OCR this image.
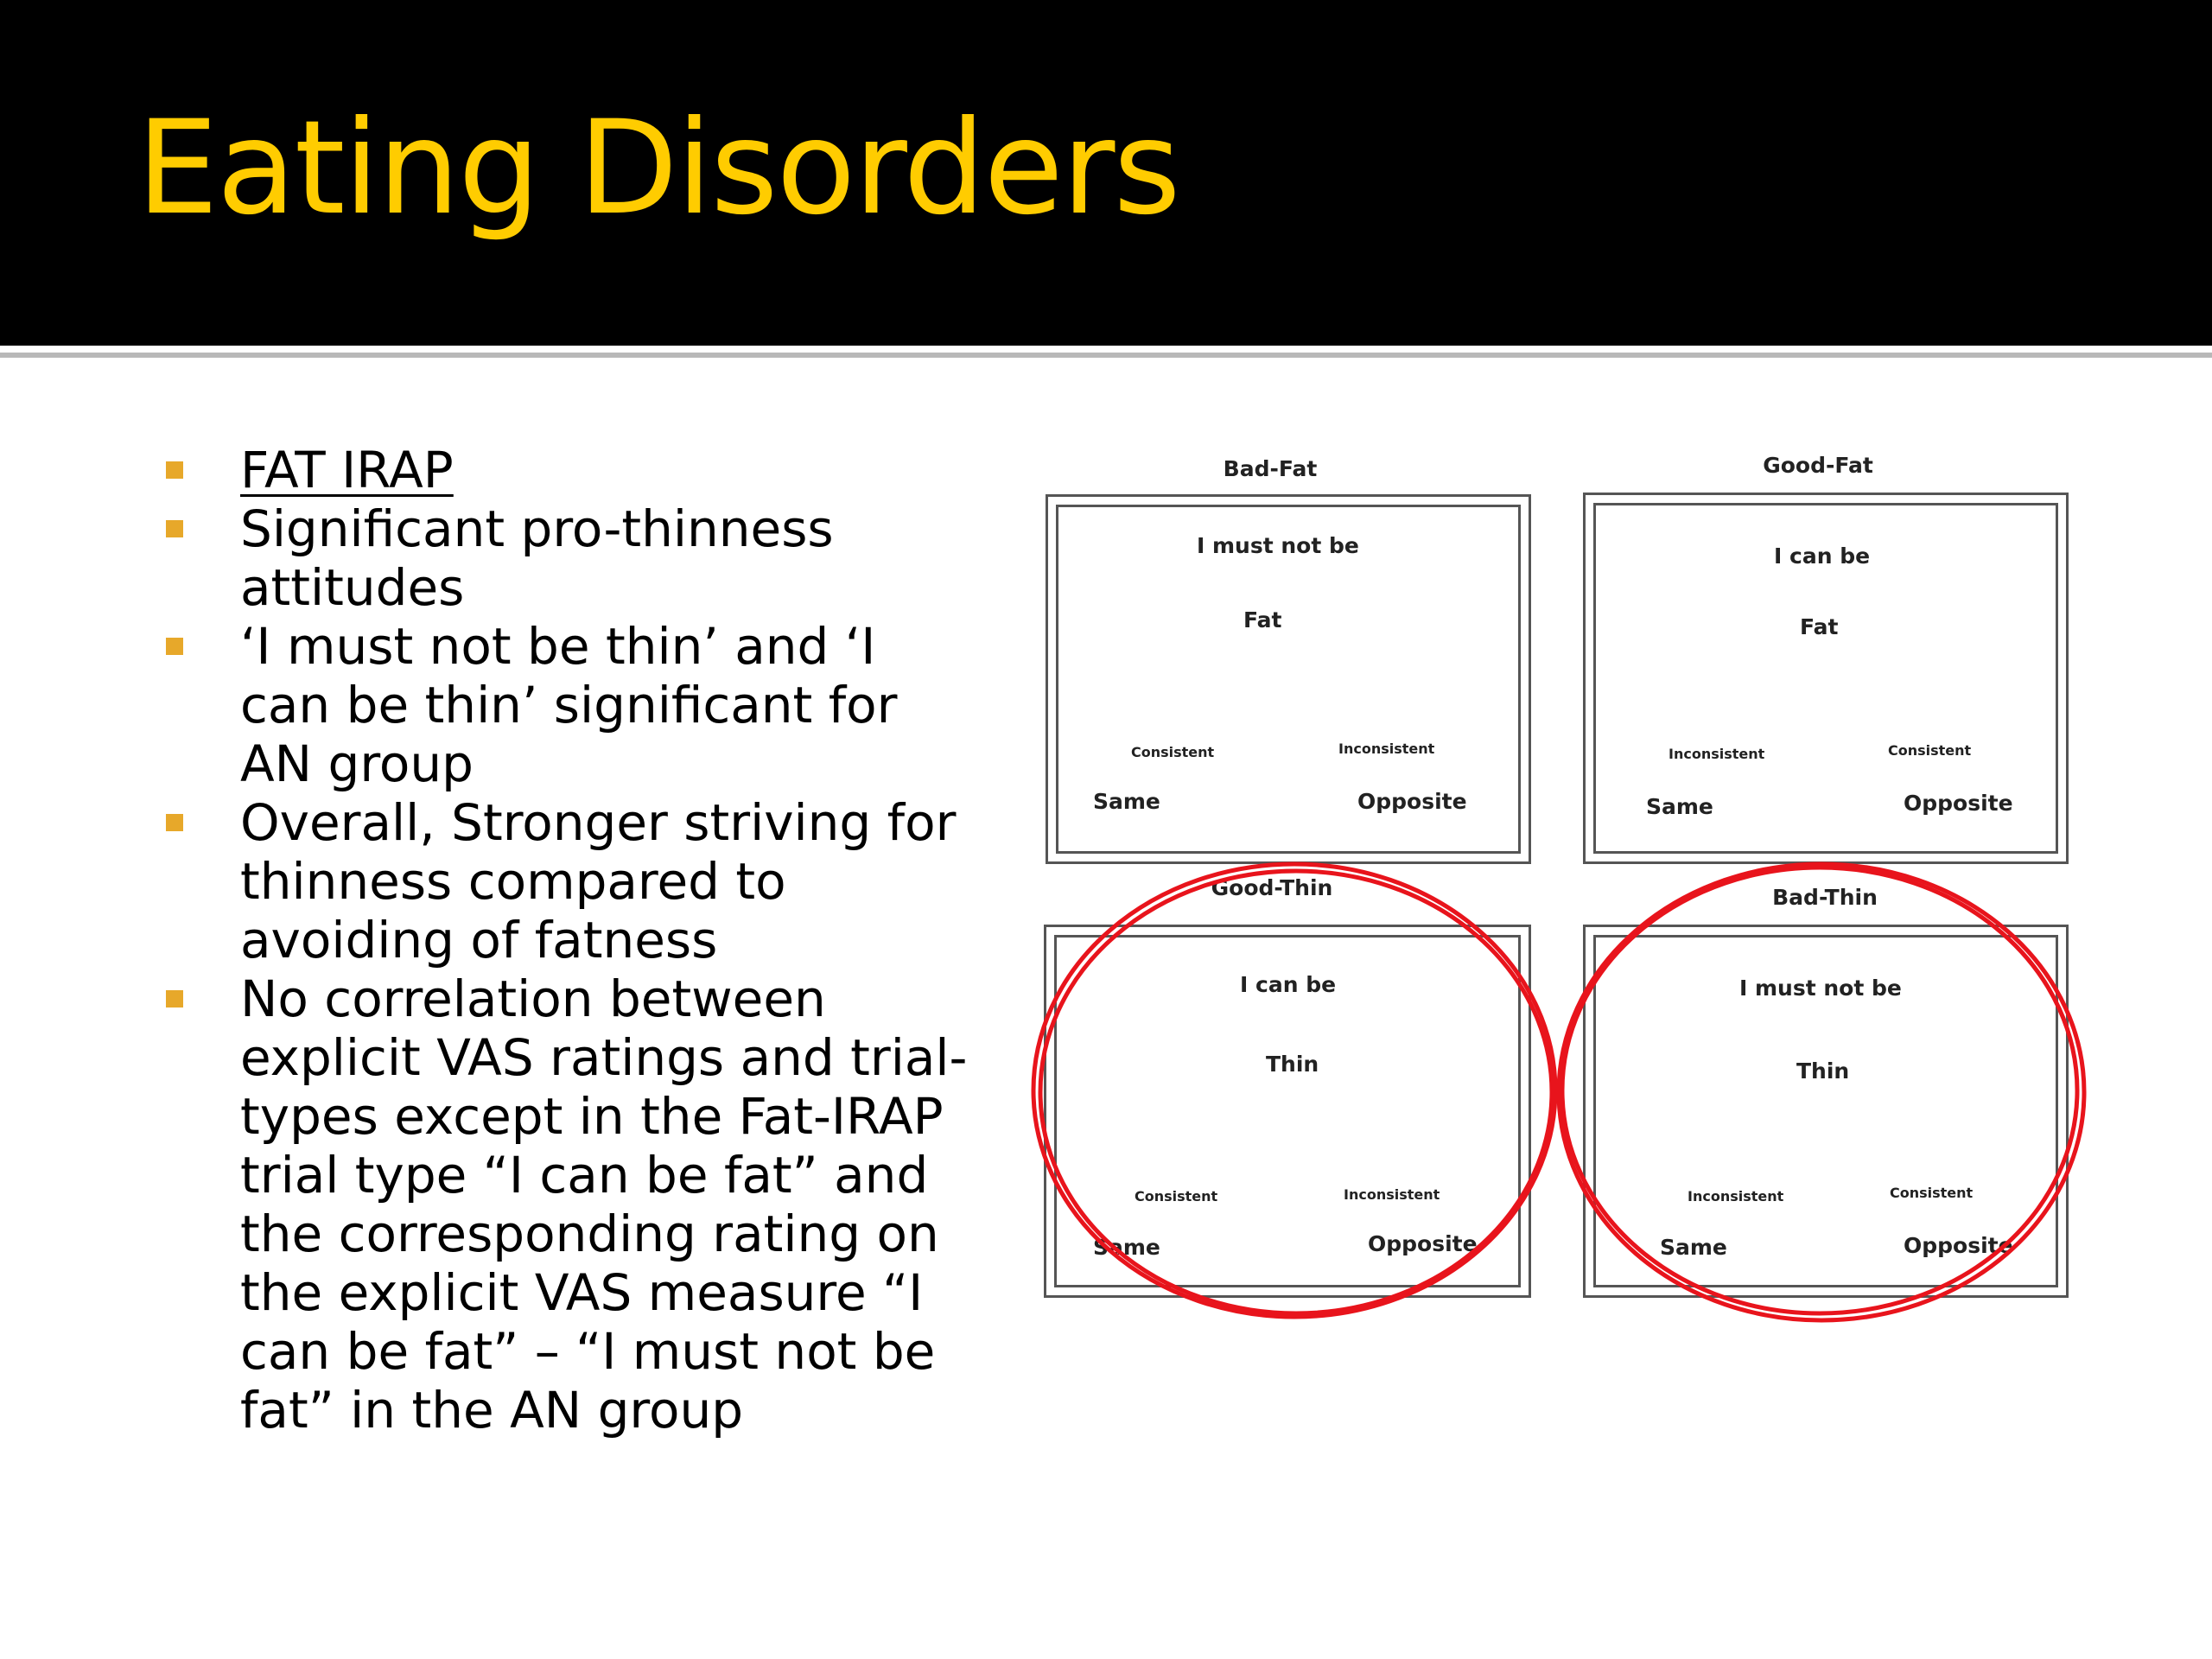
Eating Disorders
FAT IRAP
Significant pro-thinness attitudes
‘I must not be thin’ and ‘I can be thin’ significant for AN group
Overall, Stronger striving for thinness compared to avoiding of fatness
No correlation between explicit VAS ratings and trial-types except in the Fat-IRAP trial type “I can be fat” and the corresponding rating on the explicit VAS measure “I can be fat” – “I must not be fat” in the AN group
Bad-Fat
I must not be
Fat
Consistent	Inconsistent
Same	Opposite
Good-Fat
I can be
Fat
Inconsistent	Consistent
Same	Opposite
I can be
Thin
Consistent	Inconsistent
Same	Opposite
Good-Thin
I must not be
Thin
Inconsistent	Consistent
Same	Opposite
Bad-Thin
